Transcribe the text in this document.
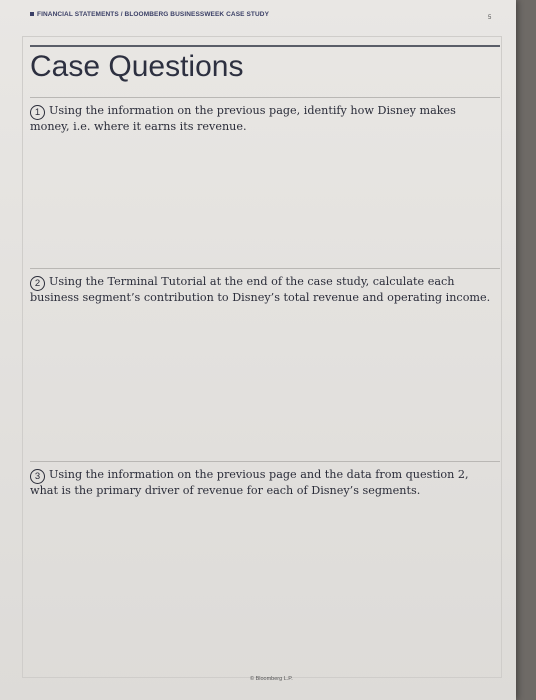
FINANCIAL STATEMENTS / BLOOMBERG BUSINESSWEEK CASE STUDY	5
Case Questions
1 Using the information on the previous page, identify how Disney makes money, i.e. where it earns its revenue.
2 Using the Terminal Tutorial at the end of the case study, calculate each business segment’s contribution to Disney’s total revenue and operating income.
3 Using the information on the previous page and the data from question 2, what is the primary driver of revenue for each of Disney’s segments.
© Bloomberg L.P.
